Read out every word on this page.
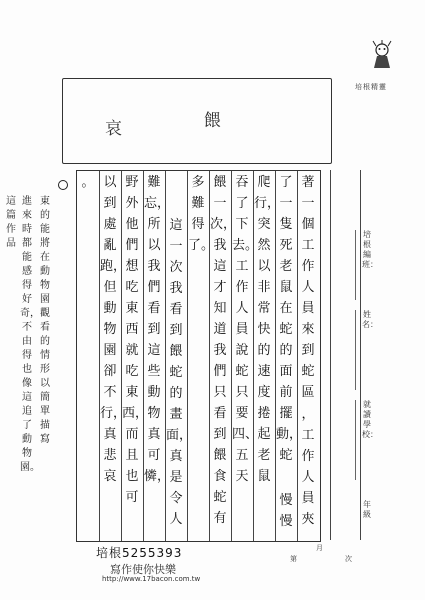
培根精靈
哀	餵
著一個工作人員來到蛇區
，工作人員夾
了一隻死老鼠在蛇的面前擺動，蛇
慢慢
爬行，突然以非常快的速度捲起老鼠
吞了下去。工作人員說蛇只要四、五天
餵一次，我這才知道我們只看到餵食蛇有
多難得了。
這一次我看到餵蛇的畫面，真是令人
難忘，所以我們看到這些動物真可憐，
野外他們想吃東西就吃東西，而且也可
以到處亂跑，但動物園卻不行，真悲哀
。
東的能將在動物園觀看的情形以簡單描寫
進來時都能感得好奇，不由得也像這追了動物園。
這篇作品
培根編班：
姓名：
就讀學校：
年級
月
第	次
培根5255393
寫作使你快樂
http://www.17bacon.com.tw
